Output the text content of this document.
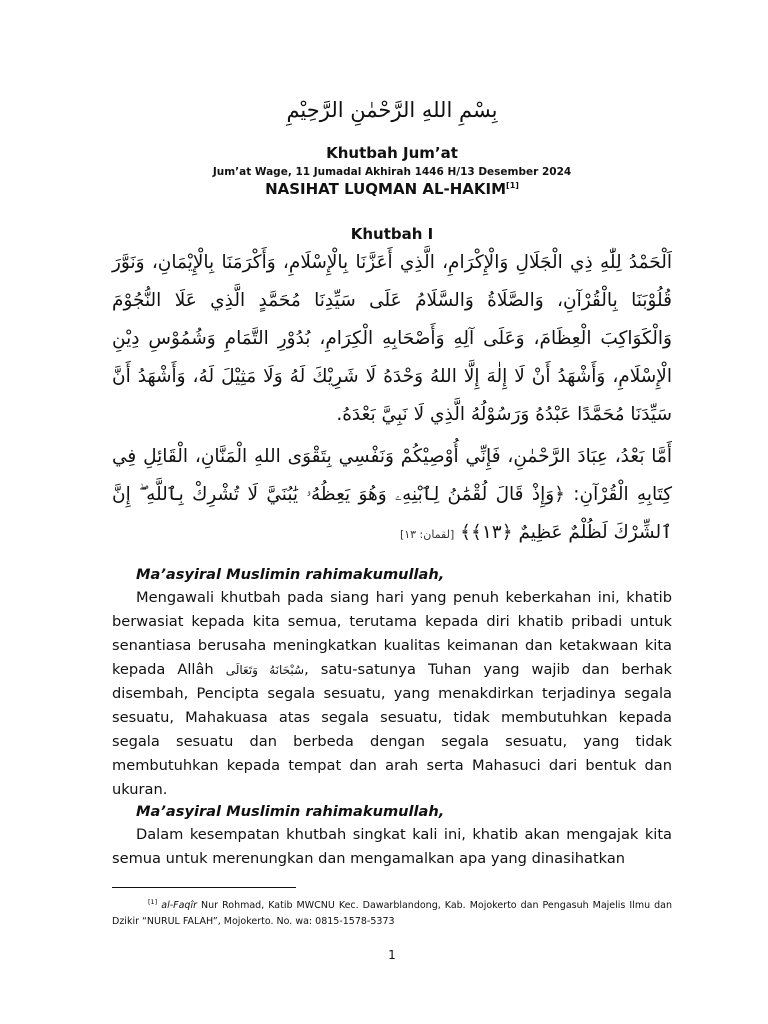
بِسْمِ اللهِ الرَّحْمٰنِ الرَّحِيْمِ
Khutbah Jum’at
Jum’at Wage, 11 Jumadal Akhirah 1446 H/13 Desember 2024
NASIHAT LUQMAN AL-HAKIM[1]
Khutbah I
اَلْحَمْدُ لِلّٰهِ ذِي الْجَلَالِ وَالْإِكْرَامِ، الَّذِي أَعَزَّنَا بِالْإِسْلَامِ، وَأَكْرَمَنَا بِالْإِيْمَانِ، وَنَوَّرَ قُلُوْبَنَا بِالْقُرْآنِ، وَالصَّلَاةُ وَالسَّلَامُ عَلَى سَيِّدِنَا مُحَمَّدٍ الَّذِي عَلَا النُّجُوْمَ وَالْكَوَاكِبَ الْعِظَامَ، وَعَلَى آلِهِ وَأَصْحَابِهِ الْكِرَامِ، بُدُوْرِ التَّمَامِ وَشُمُوْسِ دِيْنِ الْإِسْلَامِ، وَأَشْهَدُ أَنْ لَا إِلٰهَ إِلَّا اللهُ وَحْدَهُ لَا شَرِيْكَ لَهُ وَلَا مَثِيْلَ لَهُ، وَأَشْهَدُ أَنَّ سَيِّدَنَا مُحَمَّدًا عَبْدُهُ وَرَسُوْلُهُ الَّذِي لَا نَبِيَّ بَعْدَهُ.
أَمَّا بَعْدُ، عِبَادَ الرَّحْمٰنِ، فَإِنِّي أُوْصِيْكُمْ وَنَفْسِي بِتَقْوَى اللهِ الْمَنَّانِ، الْقَائِلِ فِي كِتَابِهِ الْقُرْآنِ: ﴿وَإِذْ قَالَ لُقْمَٰنُ لِٱبْنِهِۦ وَهُوَ يَعِظُهُۥ يَٰبُنَيَّ لَا تُشْرِكْ بِٱللَّهِ ۖ إِنَّ ٱلشِّرْكَ لَظُلْمٌ عَظِيمٌ ﴿١٣﴾﴾ [لقمان: ١٣]
Ma’asyiral Muslimin rahimakumullah,
Mengawali khutbah pada siang hari yang penuh keberkahan ini, khatib berwasiat kepada kita semua, terutama kepada diri khatib pribadi untuk senantiasa berusaha meningkatkan kualitas keimanan dan ketakwaan kita kepada Allâh سُبْحَانَهُ وَتَعَالَى, satu-satunya Tuhan yang wajib dan berhak disembah, Pencipta segala sesuatu, yang menakdirkan terjadinya segala sesuatu, Mahakuasa atas segala sesuatu, tidak membutuhkan kepada segala sesuatu dan berbeda dengan segala sesuatu, yang tidak membutuhkan kepada tempat dan arah serta Mahasuci dari bentuk dan ukuran.
Ma’asyiral Muslimin rahimakumullah,
Dalam kesempatan khutbah singkat kali ini, khatib akan mengajak kita semua untuk merenungkan dan mengamalkan apa yang dinasihatkan
[1] al-Faqîr Nur Rohmad, Katib MWCNU Kec. Dawarblandong, Kab. Mojokerto dan Pengasuh Majelis Ilmu dan Dzikir “NURUL FALAH”, Mojokerto. No. wa: 0815-1578-5373
1
